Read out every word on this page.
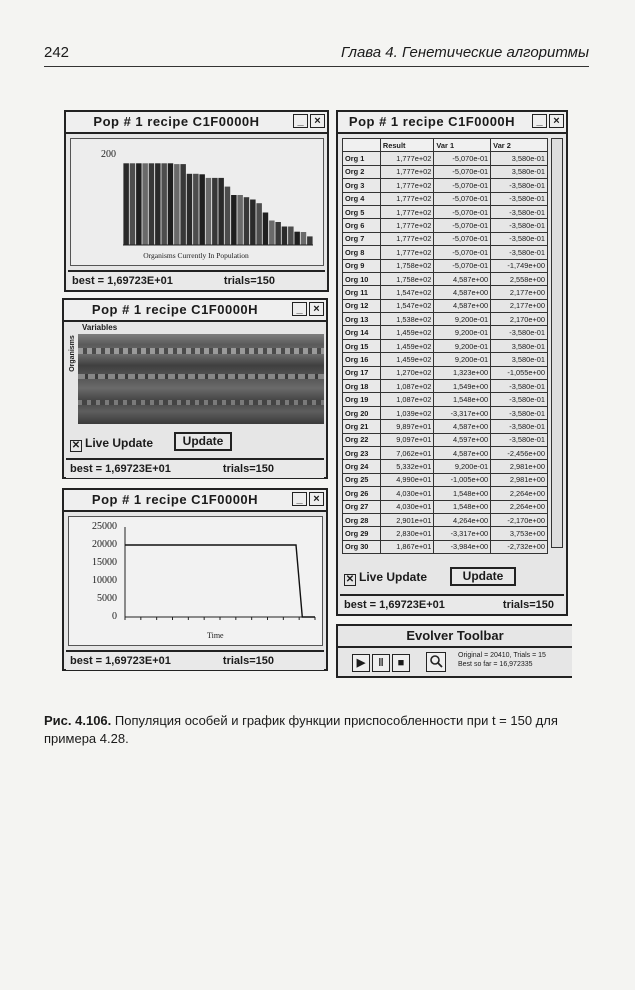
242	Глава 4. Генетические алгоритмы
Pop # 1 recipe C1F0000H	_ ×
200
Organisms Currently In Population
best = 1,69723E+01	trials=150
Pop # 1 recipe C1F0000H	_ ×
Variables
Organisms
✕ Live Update	Update
best = 1,69723E+01	trials=150
Pop # 1 recipe C1F0000H	_ ×
25000
20000
15000
10000
5000
0
Time
best = 1,69723E+01	trials=150
Pop # 1 recipe C1F0000H	_ ×
	Result	Var 1	Var 2
Org 1	1,777e+02	-5,070e-01	3,580e-01
Org 2	1,777e+02	-5,070e-01	3,580e-01
Org 3	1,777e+02	-5,070e-01	-3,580e-01
Org 4	1,777e+02	-5,070e-01	-3,580e-01
Org 5	1,777e+02	-5,070e-01	-3,580e-01
Org 6	1,777e+02	-5,070e-01	-3,580e-01
Org 7	1,777e+02	-5,070e-01	-3,580e-01
Org 8	1,777e+02	-5,070e-01	-3,580e-01
Org 9	1,758e+02	-5,070e-01	-1,749e+00
Org 10	1,758e+02	4,587e+00	2,558e+00
Org 11	1,547e+02	4,587e+00	2,177e+00
Org 12	1,547e+02	4,587e+00	2,177e+00
Org 13	1,538e+02	9,200e-01	2,170e+00
Org 14	1,459e+02	9,200e-01	-3,580e-01
Org 15	1,459e+02	9,200e-01	3,580e-01
Org 16	1,459e+02	9,200e-01	3,580e-01
Org 17	1,270e+02	1,323e+00	-1,055e+00
Org 18	1,087e+02	1,549e+00	-3,580e-01
Org 19	1,087e+02	1,548e+00	-3,580e-01
Org 20	1,039e+02	-3,317e+00	-3,580e-01
Org 21	9,897e+01	4,587e+00	-3,580e-01
Org 22	9,097e+01	4,597e+00	-3,580e-01
Org 23	7,062e+01	4,587e+00	-2,456e+00
Org 24	5,332e+01	9,200e-01	2,981e+00
Org 25	4,990e+01	-1,005e+00	2,981e+00
Org 26	4,030e+01	1,548e+00	2,264e+00
Org 27	4,030e+01	1,548e+00	2,264e+00
Org 28	2,901e+01	4,264e+00	-2,170e+00
Org 29	2,830e+01	-3,317e+00	3,753e+00
Org 30	1,867e+01	-3,984e+00	-2,732e+00
✕ Live Update	Update
best = 1,69723E+01	trials=150
Evolver Toolbar
▶	‖	■
Original = 20410, Trials = 15
Best so far = 16,972335
Рис. 4.106. Популяция особей и график функции приспособленности при t = 150 для примера 4.28.
